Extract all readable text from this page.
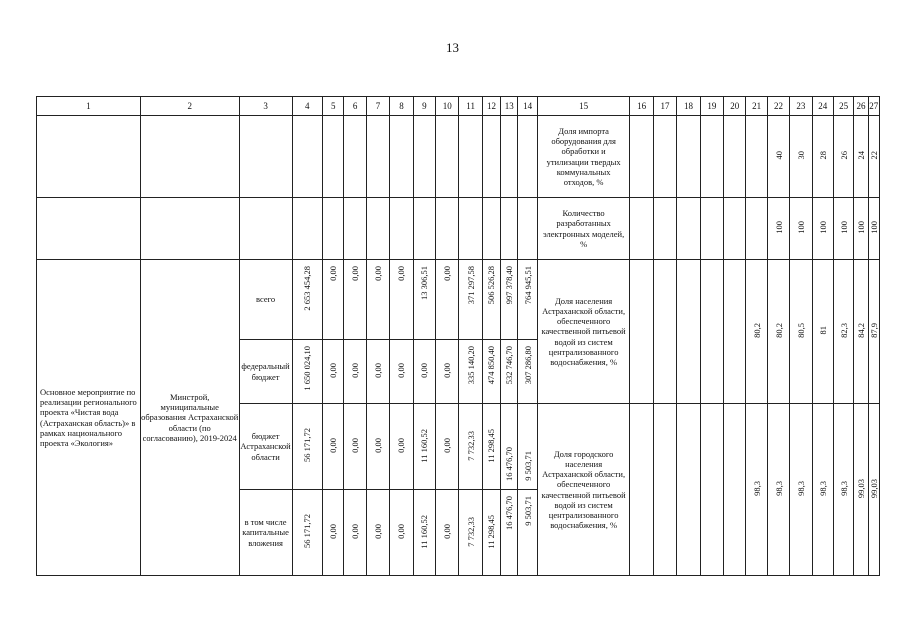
13
1	2	3	4	5	6	7	8	9	10	11	12	13	14	15	16	17	18	19	20	21	22	23	24	25	26	27
														Доля импорта оборудования для обработки и утилизации твердых коммунальных отходов, %							40	30	28	26	24	22
														Количество разработанных электронных моделей, %							100	100	100	100	100	100
Основное мероприятие по реализации регионального проекта «Чистая вода (Астраханская область)» в рамках национального проекта «Экология»	Минстрой, муниципальные образования Астраханской области (по согласованию), 2019-2024	всего	2 653 454,28	0,00	0,00	0,00	0,00	13 306,51	0,00	371 297,58	506 526,28	997 378,40	764 945,51	Доля населения Астраханской области, обеспеченного качественной питьевой водой из систем централизованного водоснабжения, %						80,2	80,2	80,5	81	82,3	84,2	87,9
		федеральный бюджет	1 650 024,10	0,00	0,00	0,00	0,00	0,00	0,00	335 140,20	474 850,40	532 746,70	307 286,80													
		бюджет Астраханской области	56 171,72	0,00	0,00	0,00	0,00	11 160,52	0,00	7 732,33	11 298,45	16 476,70	9 503,71	Доля городского населения Астраханской области, обеспеченного качественной питьевой водой из систем централизованного водоснабжения, %						98,3	98,3	98,3	98,3	98,3	99,03	99,03
		в том числе капитальные вложения	56 171,72	0,00	0,00	0,00	0,00	11 160,52	0,00	7 732,33	11 298,45	16 476,70	9 503,71													
